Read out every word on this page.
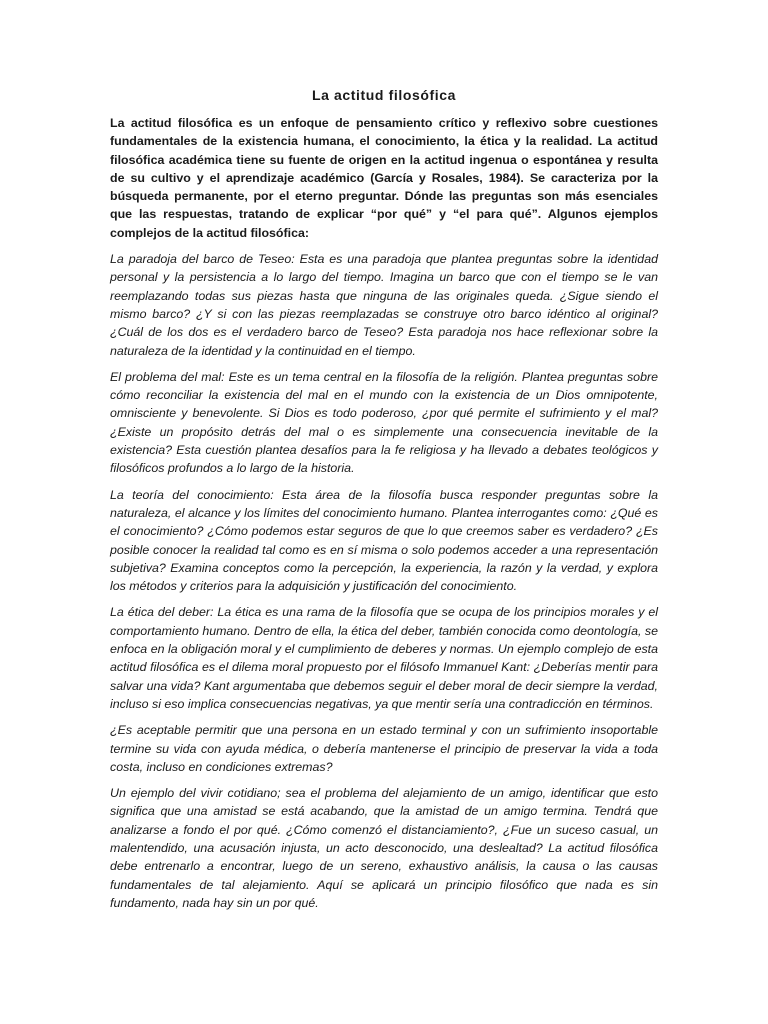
La actitud filosófica

La actitud filosófica es un enfoque de pensamiento crítico y reflexivo sobre cuestiones fundamentales de la existencia humana, el conocimiento, la ética y la realidad. La actitud filosófica académica tiene su fuente de origen en la actitud ingenua o espontánea y resulta de su cultivo y el aprendizaje académico (García y Rosales, 1984). Se caracteriza por la búsqueda permanente, por el eterno preguntar. Dónde las preguntas son más esenciales que las respuestas, tratando de explicar “por qué” y “el para qué”. Algunos ejemplos complejos de la actitud filosófica:

La paradoja del barco de Teseo: Esta es una paradoja que plantea preguntas sobre la identidad personal y la persistencia a lo largo del tiempo. Imagina un barco que con el tiempo se le van reemplazando todas sus piezas hasta que ninguna de las originales queda. ¿Sigue siendo el mismo barco? ¿Y si con las piezas reemplazadas se construye otro barco idéntico al original? ¿Cuál de los dos es el verdadero barco de Teseo? Esta paradoja nos hace reflexionar sobre la naturaleza de la identidad y la continuidad en el tiempo.

El problema del mal: Este es un tema central en la filosofía de la religión. Plantea preguntas sobre cómo reconciliar la existencia del mal en el mundo con la existencia de un Dios omnipotente, omnisciente y benevolente. Si Dios es todo poderoso, ¿por qué permite el sufrimiento y el mal? ¿Existe un propósito detrás del mal o es simplemente una consecuencia inevitable de la existencia? Esta cuestión plantea desafíos para la fe religiosa y ha llevado a debates teológicos y filosóficos profundos a lo largo de la historia.

La teoría del conocimiento: Esta área de la filosofía busca responder preguntas sobre la naturaleza, el alcance y los límites del conocimiento humano. Plantea interrogantes como: ¿Qué es el conocimiento? ¿Cómo podemos estar seguros de que lo que creemos saber es verdadero? ¿Es posible conocer la realidad tal como es en sí misma o solo podemos acceder a una representación subjetiva? Examina conceptos como la percepción, la experiencia, la razón y la verdad, y explora los métodos y criterios para la adquisición y justificación del conocimiento.

La ética del deber: La ética es una rama de la filosofía que se ocupa de los principios morales y el comportamiento humano. Dentro de ella, la ética del deber, también conocida como deontología, se enfoca en la obligación moral y el cumplimiento de deberes y normas. Un ejemplo complejo de esta actitud filosófica es el dilema moral propuesto por el filósofo Immanuel Kant: ¿Deberías mentir para salvar una vida? Kant argumentaba que debemos seguir el deber moral de decir siempre la verdad, incluso si eso implica consecuencias negativas, ya que mentir sería una contradicción en términos.

¿Es aceptable permitir que una persona en un estado terminal y con un sufrimiento insoportable termine su vida con ayuda médica, o debería mantenerse el principio de preservar la vida a toda costa, incluso en condiciones extremas?

Un ejemplo del vivir cotidiano; sea el problema del alejamiento de un amigo, identificar que esto significa que una amistad se está acabando, que la amistad de un amigo termina. Tendrá que analizarse a fondo el por qué. ¿Cómo comenzó el distanciamiento?, ¿Fue un suceso casual, un malentendido, una acusación injusta, un acto desconocido, una deslealtad? La actitud filosófica debe entrenarlo a encontrar, luego de un sereno, exhaustivo análisis, la causa o las causas fundamentales de tal alejamiento. Aquí se aplicará un principio filosófico que nada es sin fundamento, nada hay sin un por qué.
